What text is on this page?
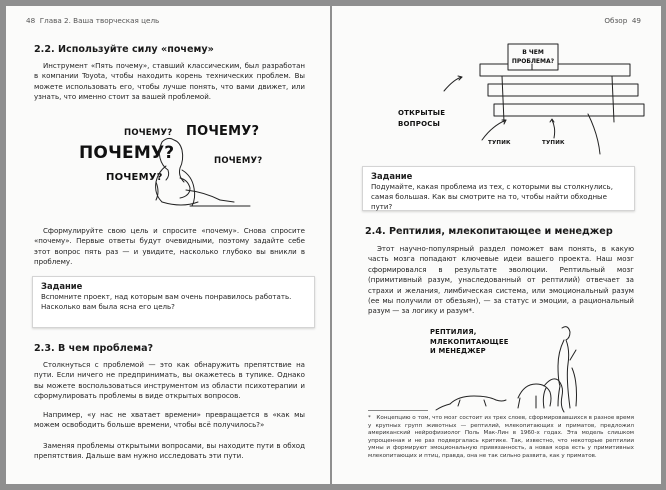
48 Глава 2. Ваша творческая цель
2.2. Используйте силу «почему»
Инструмент «Пять почему», ставший классическим, был разработан в компании Toyota, чтобы находить корень технических проблем. Вы можете использовать его, чтобы лучше понять, что вами движет, или узнать, что именно стоит за вашей проблемой.
ПОЧЕМУ? ПОЧЕМУ?
ПОЧЕМУ?	ПОЧЕМУ?
ПОЧЕМУ?
Сформулируйте свою цель и спросите «почему». Снова спросите «почему». Первые ответы будут очевидными, поэтому задайте себе этот вопрос пять раз — и увидите, насколько глубоко вы вникли в проблему.
Задание
Вспомните проект, над которым вам очень понравилось работать. Насколько вам была ясна его цель?
2.3. В чем проблема?
Столкнуться с проблемой — это как обнаружить препятствие на пути. Если ничего не предпринимать, вы окажетесь в тупике. Однако вы можете воспользоваться инструментом из области психотерапии и сформулировать проблемы в виде открытых вопросов.
Например, «у нас не хватает времени» превращается в «как мы можем освободить больше времени, чтобы всё получилось?»
Заменяя проблемы открытыми вопросами, вы находите пути в обход препятствия. Дальше вам нужно исследовать эти пути.
Обзор 49
В ЧЕМ
ПРОБЛЕМА?
ОТКРЫТЫЕ ВОПРОСЫ
ТУПИК	ТУПИК
Задание
Подумайте, какая проблема из тех, с которыми вы столкнулись, самая большая. Как вы смотрите на то, чтобы найти обходные пути?
2.4. Рептилия, млекопитающее и менеджер
Этот научно-популярный раздел поможет вам понять, в какую часть мозга попадают ключевые идеи вашего проекта. Наш мозг сформировался в результате эволюции. Рептильный мозг (примитивный разум, унаследованный от рептилий) отвечает за страхи и желания, лимбическая система, или эмоциональный разум (ее мы получили от обезьян), — за статус и эмоции, а рациональный разум — за логику и разум*.
РЕПТИЛИЯ, МЛЕКОПИТАЮЩЕЕ И МЕНЕДЖЕР
* Концепцию о том, что мозг состоит из трех слоев, сформировавшихся в разное время у крупных групп животных — рептилий, млекопитающих и приматов, предложил американский нейрофизиолог Поль Мак-Лин в 1960-х годах. Эта модель слишком упрощенная и не раз подвергалась критике. Так, известно, что некоторые рептилии умны и формируют эмоциональную привязанность, а новая кора есть у примитивных млекопитающих и птиц, правда, она не так сильно развита, как у приматов.
